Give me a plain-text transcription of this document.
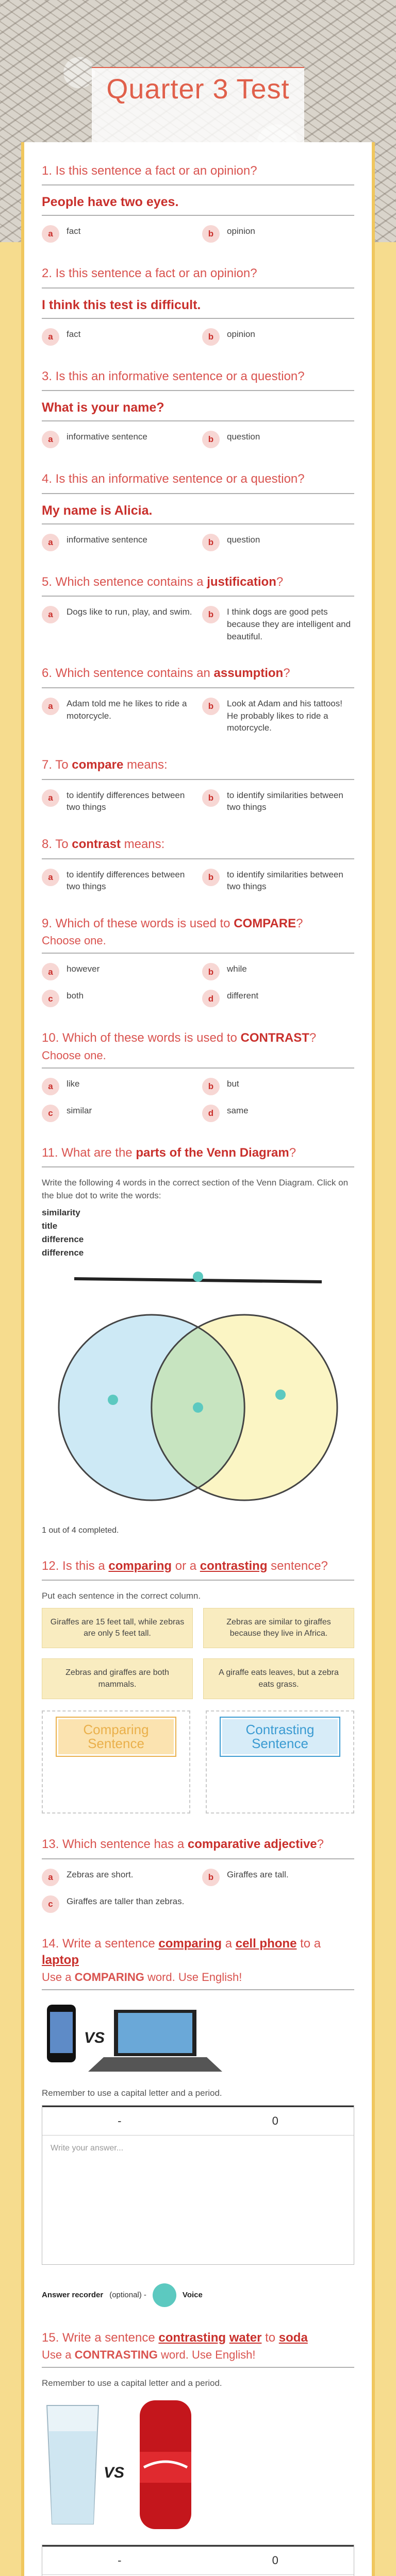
Quarter 3 Test
1. Is this sentence a fact or an opinion?
People have two eyes.
a	fact	b	opinion
2. Is this sentence a fact or an opinion?
I think this test is difficult.
a	fact	b	opinion
3. Is this an informative sentence or a question?
What is your name?
a	informative sentence	b	question
4. Is this an informative sentence or a question?
My name is Alicia.
a	informative sentence	b	question
5. Which sentence contains a justification?
a	Dogs like to run, play, and swim.	b	I think dogs are good pets because they are intelligent and beautiful.
6. Which sentence contains an assumption?
a	Adam told me he likes to ride a motorcycle.
b	Look at Adam and his tattoos! He probably likes to ride a motorcycle.
7. To compare means:
a	to identify differences between two things
b	to identify similarities between two things
8. To contrast means:
a	to identify differences between two things
b	to identify similarities between two things
9. Which of these words is used to COMPARE?
Choose one.
a	however	b	while
c	both	d	different
10. Which of these words is used to CONTRAST?
Choose one.
a	like	b	but
c	similar	d	same
11. What are the parts of the Venn Diagram?
Write the following 4 words in the correct section of the Venn Diagram. Click on the blue dot to write the words:
similarity
title
difference
difference
1 out of 4 completed.
12. Is this a comparing or a contrasting sentence?
Put each sentence in the correct column.
Giraffes are 15 feet tall, while zebras are only 5 feet tall.
Zebras are similar to giraffes because they live in Africa.
Zebras and giraffes are both mammals.
A giraffe eats leaves, but a zebra eats grass.
Comparing Sentence
Contrasting Sentence
13. Which sentence has a comparative adjective?
a	Zebras are short.	b	Giraffes are tall.
c	Giraffes are taller than zebras.
14. Write a sentence comparing a cell phone to a laptop
Use a COMPARING word. Use English!
VS
Remember to use a capital letter and a period.
-	0
Write your answer...
Answer recorder (optional) -	Voice
15. Write a sentence contrasting water to soda
Use a CONTRASTING word. Use English!
Remember to use a capital letter and a period.
VS
-	0
